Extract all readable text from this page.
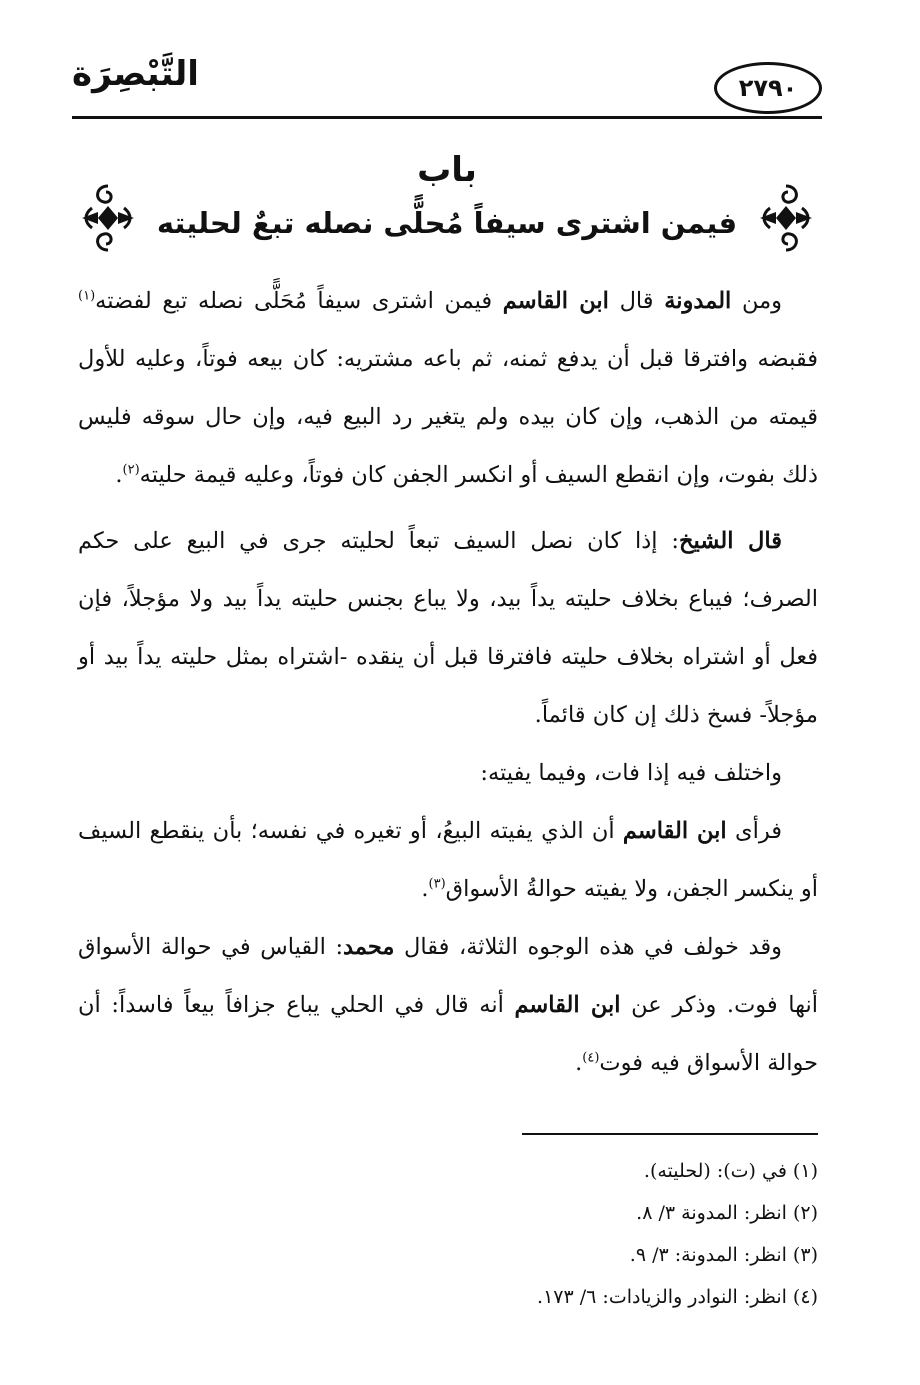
التَّبْصِرَة	٢٧٩٠
باب
فيمن اشترى سيفاً مُحلًّى نصله تبعٌ لحليته

ومن المدونة قال ابن القاسم فيمن اشترى سيفاً مُحَلًّى نصله تبع لفضته$^{(١)}$ فقبضه وافترقا قبل أن يدفع ثمنه، ثم باعه مشتريه: كان بيعه فوتاً، وعليه للأول قيمته من الذهب، وإن كان بيده ولم يتغير رد البيع فيه، وإن حال سوقه فليس ذلك بفوت، وإن انقطع السيف أو انكسر الجفن كان فوتاً، وعليه قيمة حليته$^{(٢)}$.

قال الشيخ: إذا كان نصل السيف تبعاً لحليته جرى في البيع على حكم الصرف؛ فيباع بخلاف حليته يداً بيد، ولا يباع بجنس حليته يداً بيد ولا مؤجلاً، فإن فعل أو اشتراه بخلاف حليته فافترقا قبل أن ينقده -اشتراه بمثل حليته يداً بيد أو مؤجلاً- فسخ ذلك إن كان قائماً.

واختلف فيه إذا فات، وفيما يفيته:

فرأى ابن القاسم أن الذي يفيته البيعُ، أو تغيره في نفسه؛ بأن ينقطع السيف أو ينكسر الجفن، ولا يفيته حوالةُ الأسواق$^{(٣)}$.

وقد خولف في هذه الوجوه الثلاثة، فقال محمد: القياس في حوالة الأسواق أنها فوت. وذكر عن ابن القاسم أنه قال في الحلي يباع جزافاً بيعاً فاسداً: أن حوالة الأسواق فيه فوت$^{(٤)}$.

(١) في (ت): (لحليته).
(٢) انظر: المدونة ٣/ ٨.
(٣) انظر: المدونة: ٣/ ٩.
(٤) انظر: النوادر والزيادات: ٦/ ١٧٣.
